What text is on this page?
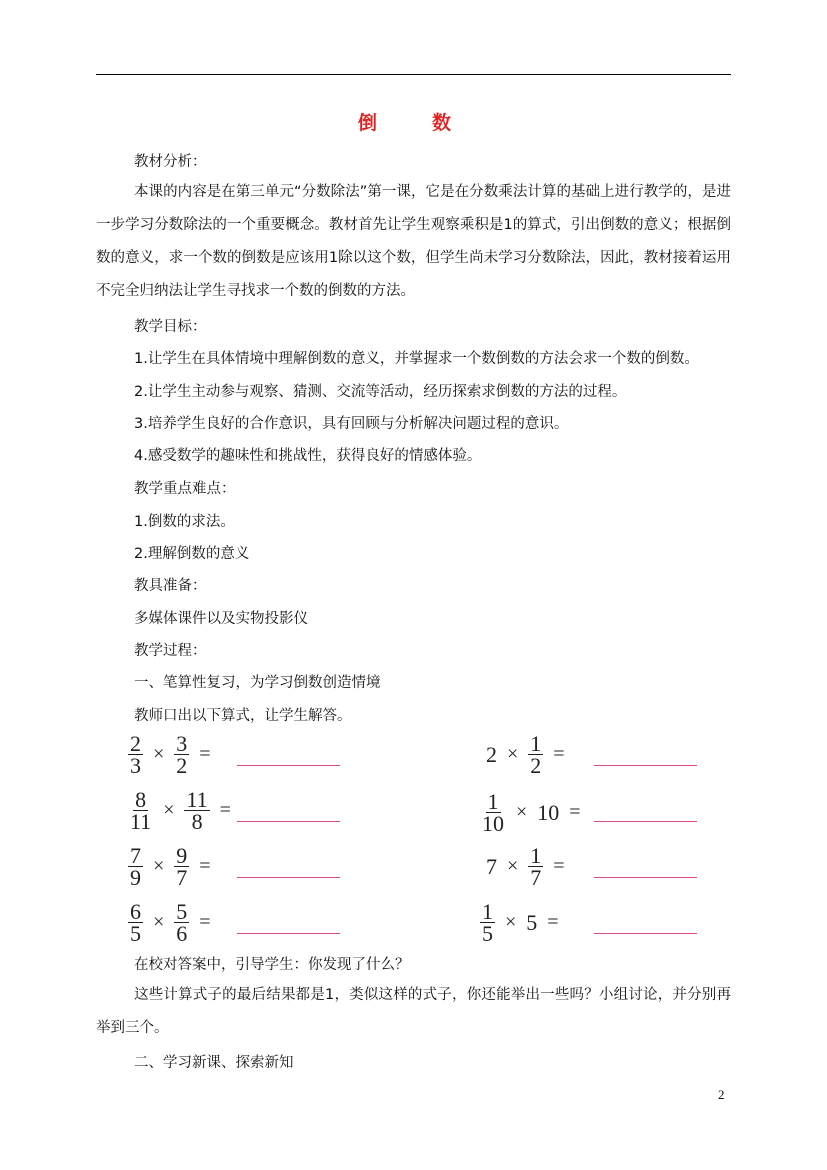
倒　数
教材分析：

本课的内容是在第三单元“分数除法”第一课，它是在分数乘法计算的基础上进行教学的，是进一步学习分数除法的一个重要概念。教材首先让学生观察乘积是1的算式，引出倒数的意义；根据倒数的意义，求一个数的倒数是应该用1除以这个数，但学生尚未学习分数除法，因此，教材接着运用不完全归纳法让学生寻找求一个数的倒数的方法。

教学目标：
1.让学生在具体情境中理解倒数的意义，并掌握求一个数倒数的方法会求一个数的倒数。
2.让学生主动参与观察、猜测、交流等活动，经历探索求倒数的方法的过程。
3.培养学生良好的合作意识，具有回顾与分析解决问题过程的意识。
4.感受数学的趣味性和挑战性，获得良好的情感体验。
教学重点难点：
1.倒数的求法。
2.理解倒数的意义
教具准备：
多媒体课件以及实物投影仪
教学过程：
一、笔算性复习，为学习倒数创造情境
教师口出以下算式，让学生解答。
$\frac{2}{3} \times \frac{3}{2}$ =
$\frac{8}{11} \times \frac{11}{8}$ =
$\frac{7}{9} \times \frac{9}{7}$ =
$\frac{6}{5} \times \frac{5}{6}$ =
$2 \times \frac{1}{2}$ =
$\frac{1}{10} \times 10$ =
$7 \times \frac{1}{7}$ =
$\frac{1}{5} \times 5$ =
在校对答案中，引导学生：你发现了什么？

这些计算式子的最后结果都是1，类似这样的式子，你还能举出一些吗？小组讨论，并分别再举到三个。

二、学习新课、探索新知
2
